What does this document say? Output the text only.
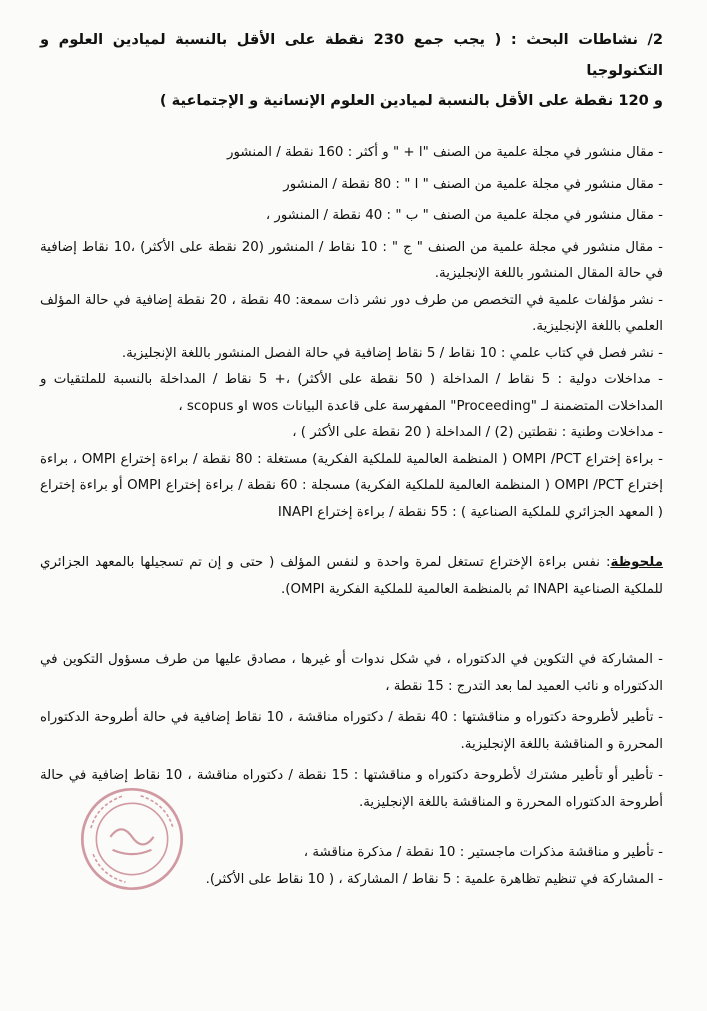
2/ نشاطات البحث : ( يجب جمع 230 نقطة على الأقل بالنسبة لميادين العلوم و التكنولوجيا
و 120 نقطة على الأقل بالنسبة لميادين العلوم الإنسانية و الإجتماعية )
- مقال منشور في مجلة علمية من الصنف "ا + " و أكثر : 160 نقطة / المنشور
- مقال منشور في مجلة علمية من الصنف " ا " : 80 نقطة / المنشور
- مقال منشور في مجلة علمية من الصنف " ب " : 40 نقطة / المنشور ،
- مقال منشور في مجلة علمية من الصنف " ج " : 10 نقاط / المنشور (20 نقطة على الأكثر) ،10 نقاط إضافية في حالة المقال المنشور باللغة الإنجليزية.
- نشر مؤلفات علمية في التخصص من طرف دور نشر ذات سمعة: 40 نقطة ، 20 نقطة إضافية في حالة المؤلف العلمي باللغة الإنجليزية.
- نشر فصل في كتاب علمي : 10 نقاط / 5 نقاط إضافية في حالة الفصل المنشور باللغة الإنجليزية.
- مداخلات دولية : 5 نقاط / المداخلة ( 50 نقطة على الأكثر) ،+ 5 نقاط / المداخلة بالنسبة للملتقيات و المداخلات المتضمنة لـ "Proceeding" المفهرسة على قاعدة البيانات wos او scopus ،
- مداخلات وطنية : نقطتين (2) / المداخلة ( 20 نقطة على الأكثر ) ،
- براءة إختراع OMPI /PCT ( المنظمة العالمية للملكية الفكرية) مستغلة : 80 نقطة / براءة إختراع OMPI ، براءة إختراع OMPI /PCT ( المنظمة العالمية للملكية الفكرية) مسجلة : 60 نقطة / براءة إختراع OMPI أو براءة إختراع ( المعهد الجزائري للملكية الصناعية ) : 55 نقطة / براءة إختراع INAPI
ملحوظة: نفس براءة الإختراع تستغل لمرة واحدة و لنفس المؤلف ( حتى و إن تم تسجيلها بالمعهد الجزائري للملكية الصناعية INAPI ثم بالمنظمة العالمية للملكية الفكرية OMPI).
- المشاركة في التكوين في الدكتوراه ، في شكل ندوات أو غيرها ، مصادق عليها من طرف مسؤول التكوين في الدكتوراه و نائب العميد لما بعد التدرج : 15 نقطة ،
- تأطير لأطروحة دكتوراه و مناقشتها : 40 نقطة / دكتوراه مناقشة ، 10 نقاط إضافية في حالة أطروحة الدكتوراه المحررة و المناقشة باللغة الإنجليزية.
- تأطير أو تأطير مشترك لأطروحة دكتوراه و مناقشتها : 15 نقطة / دكتوراه مناقشة ، 10 نقاط إضافية في حالة أطروحة الدكتوراه المحررة و المناقشة باللغة الإنجليزية.
- تأطير و مناقشة مذكرات ماجستير : 10 نقطة / مذكرة مناقشة ،
- المشاركة في تنظيم تظاهرة علمية : 5 نقاط / المشاركة ، ( 10 نقاط على الأكثر).
